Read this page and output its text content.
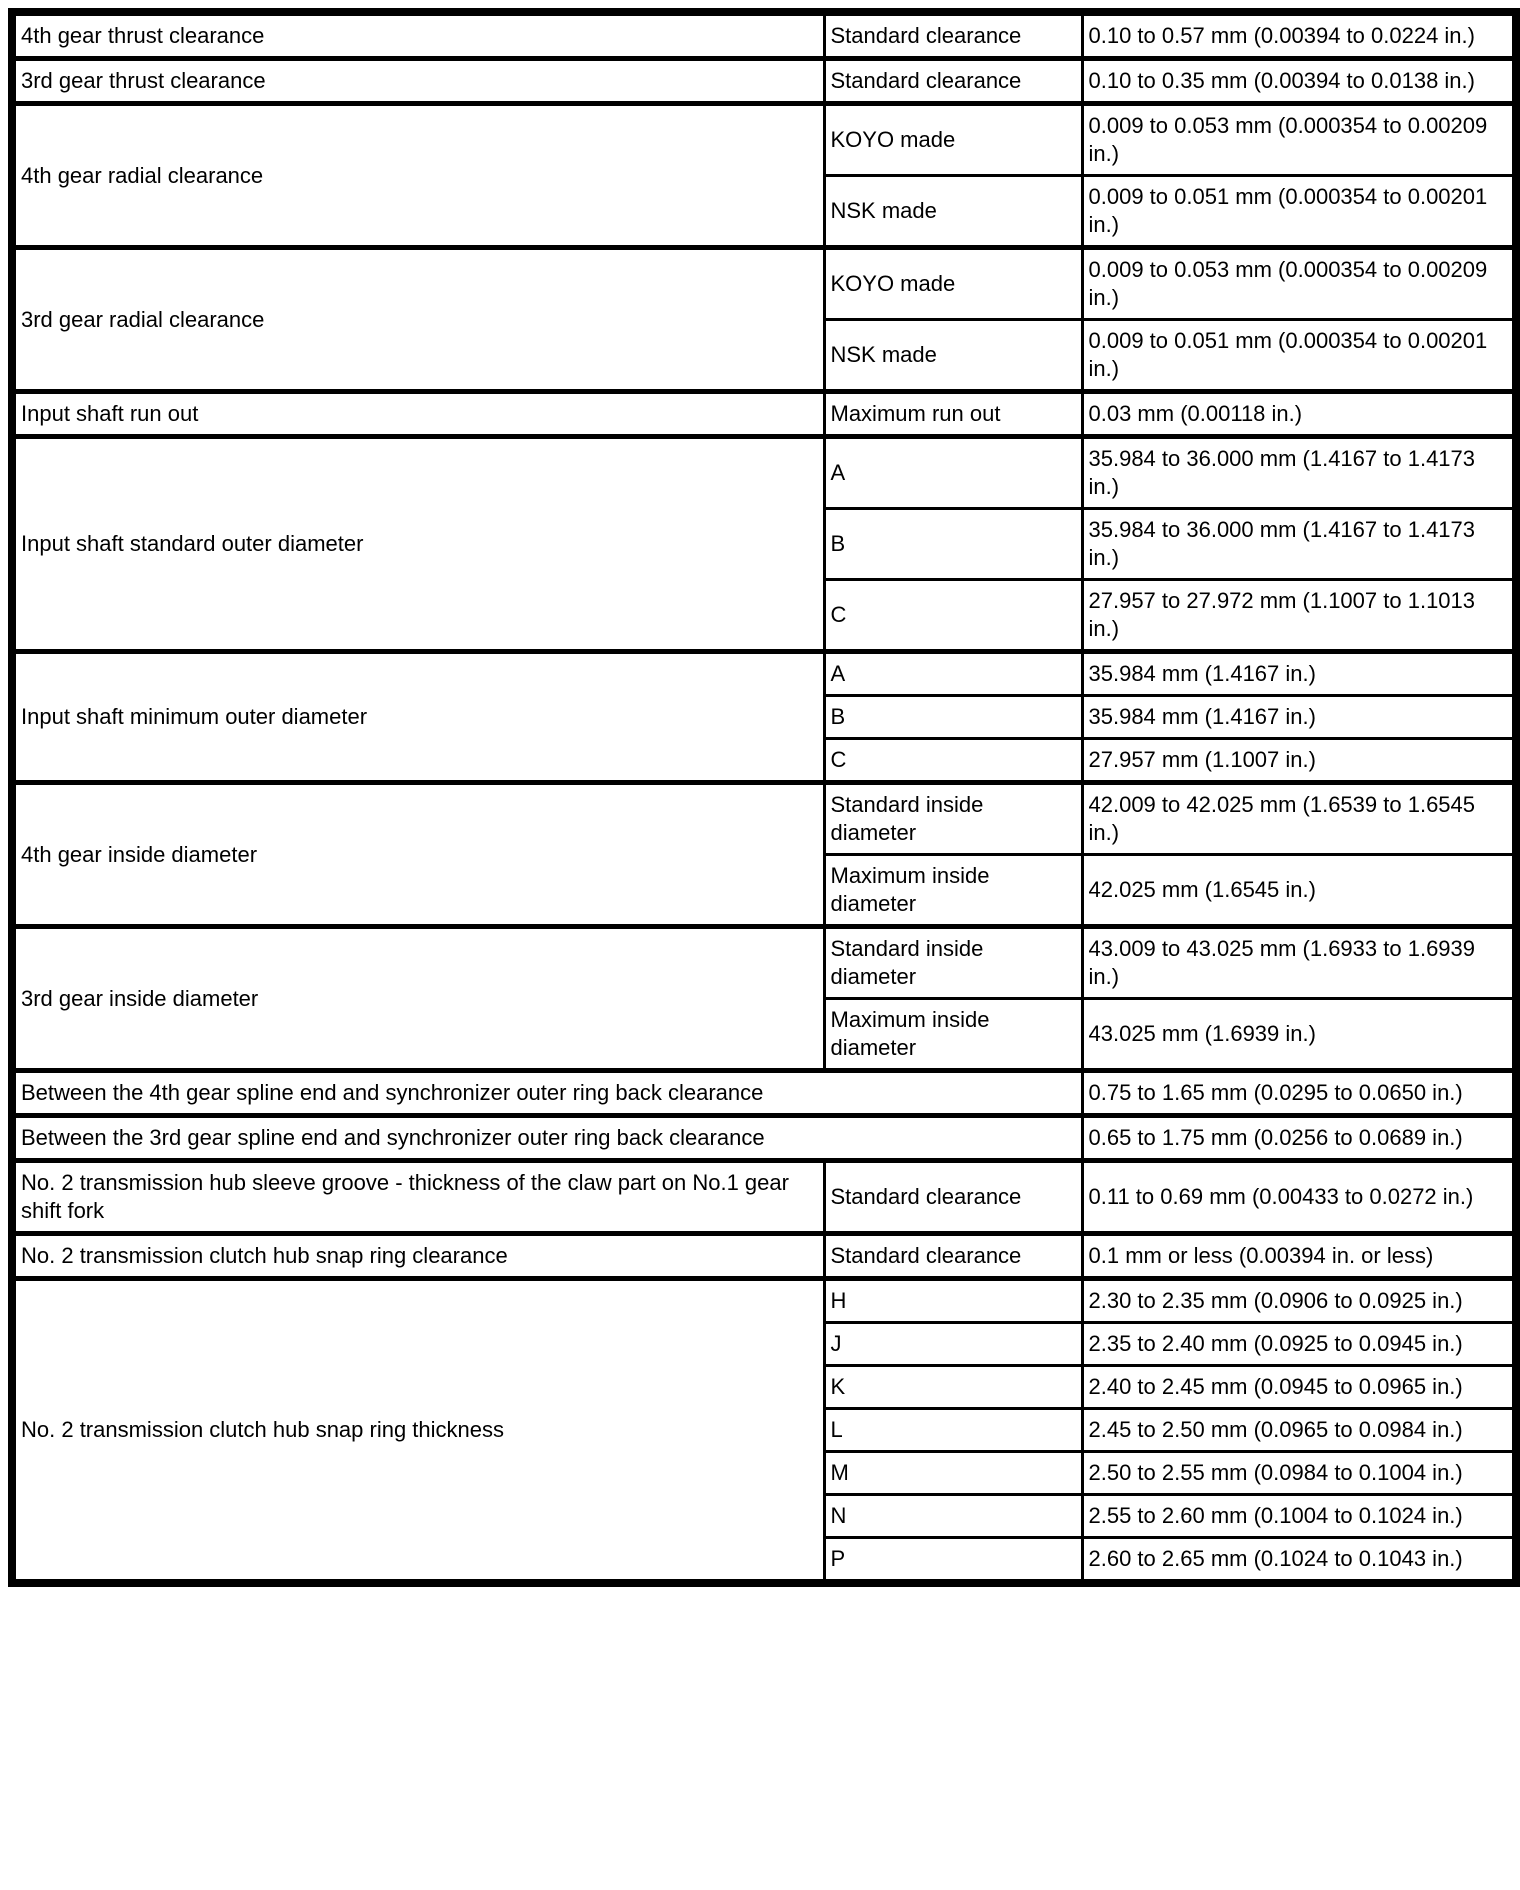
4th gear thrust clearance	Standard clearance	0.10 to 0.57 mm (0.00394 to 0.0224 in.)
3rd gear thrust clearance	Standard clearance	0.10 to 0.35 mm (0.00394 to 0.0138 in.)
4th gear radial clearance	KOYO made	0.009 to 0.053 mm (0.000354 to 0.00209 in.)
	NSK made	0.009 to 0.051 mm (0.000354 to 0.00201 in.)
3rd gear radial clearance	KOYO made	0.009 to 0.053 mm (0.000354 to 0.00209 in.)
	NSK made	0.009 to 0.051 mm (0.000354 to 0.00201 in.)
Input shaft run out	Maximum run out	0.03 mm (0.00118 in.)
Input shaft standard outer diameter	A	35.984 to 36.000 mm (1.4167 to 1.4173 in.)
	B	35.984 to 36.000 mm (1.4167 to 1.4173 in.)
	C	27.957 to 27.972 mm (1.1007 to 1.1013 in.)
Input shaft minimum outer diameter	A	35.984 mm (1.4167 in.)
	B	35.984 mm (1.4167 in.)
	C	27.957 mm (1.1007 in.)
4th gear inside diameter	Standard inside diameter	42.009 to 42.025 mm (1.6539 to 1.6545 in.)
	Maximum inside diameter	42.025 mm (1.6545 in.)
3rd gear inside diameter	Standard inside diameter	43.009 to 43.025 mm (1.6933 to 1.6939 in.)
	Maximum inside diameter	43.025 mm (1.6939 in.)
Between the 4th gear spline end and synchronizer outer ring back clearance		0.75 to 1.65 mm (0.0295 to 0.0650 in.)
Between the 3rd gear spline end and synchronizer outer ring back clearance		0.65 to 1.75 mm (0.0256 to 0.0689 in.)
No. 2 transmission hub sleeve groove - thickness of the claw part on No.1 gear shift fork	Standard clearance	0.11 to 0.69 mm (0.00433 to 0.0272 in.)
No. 2 transmission clutch hub snap ring clearance	Standard clearance	0.1 mm or less (0.00394 in. or less)
No. 2 transmission clutch hub snap ring thickness	H	2.30 to 2.35 mm (0.0906 to 0.0925 in.)
	J	2.35 to 2.40 mm (0.0925 to 0.0945 in.)
	K	2.40 to 2.45 mm (0.0945 to 0.0965 in.)
	L	2.45 to 2.50 mm (0.0965 to 0.0984 in.)
	M	2.50 to 2.55 mm (0.0984 to 0.1004 in.)
	N	2.55 to 2.60 mm (0.1004 to 0.1024 in.)
	P	2.60 to 2.65 mm (0.1024 to 0.1043 in.)
